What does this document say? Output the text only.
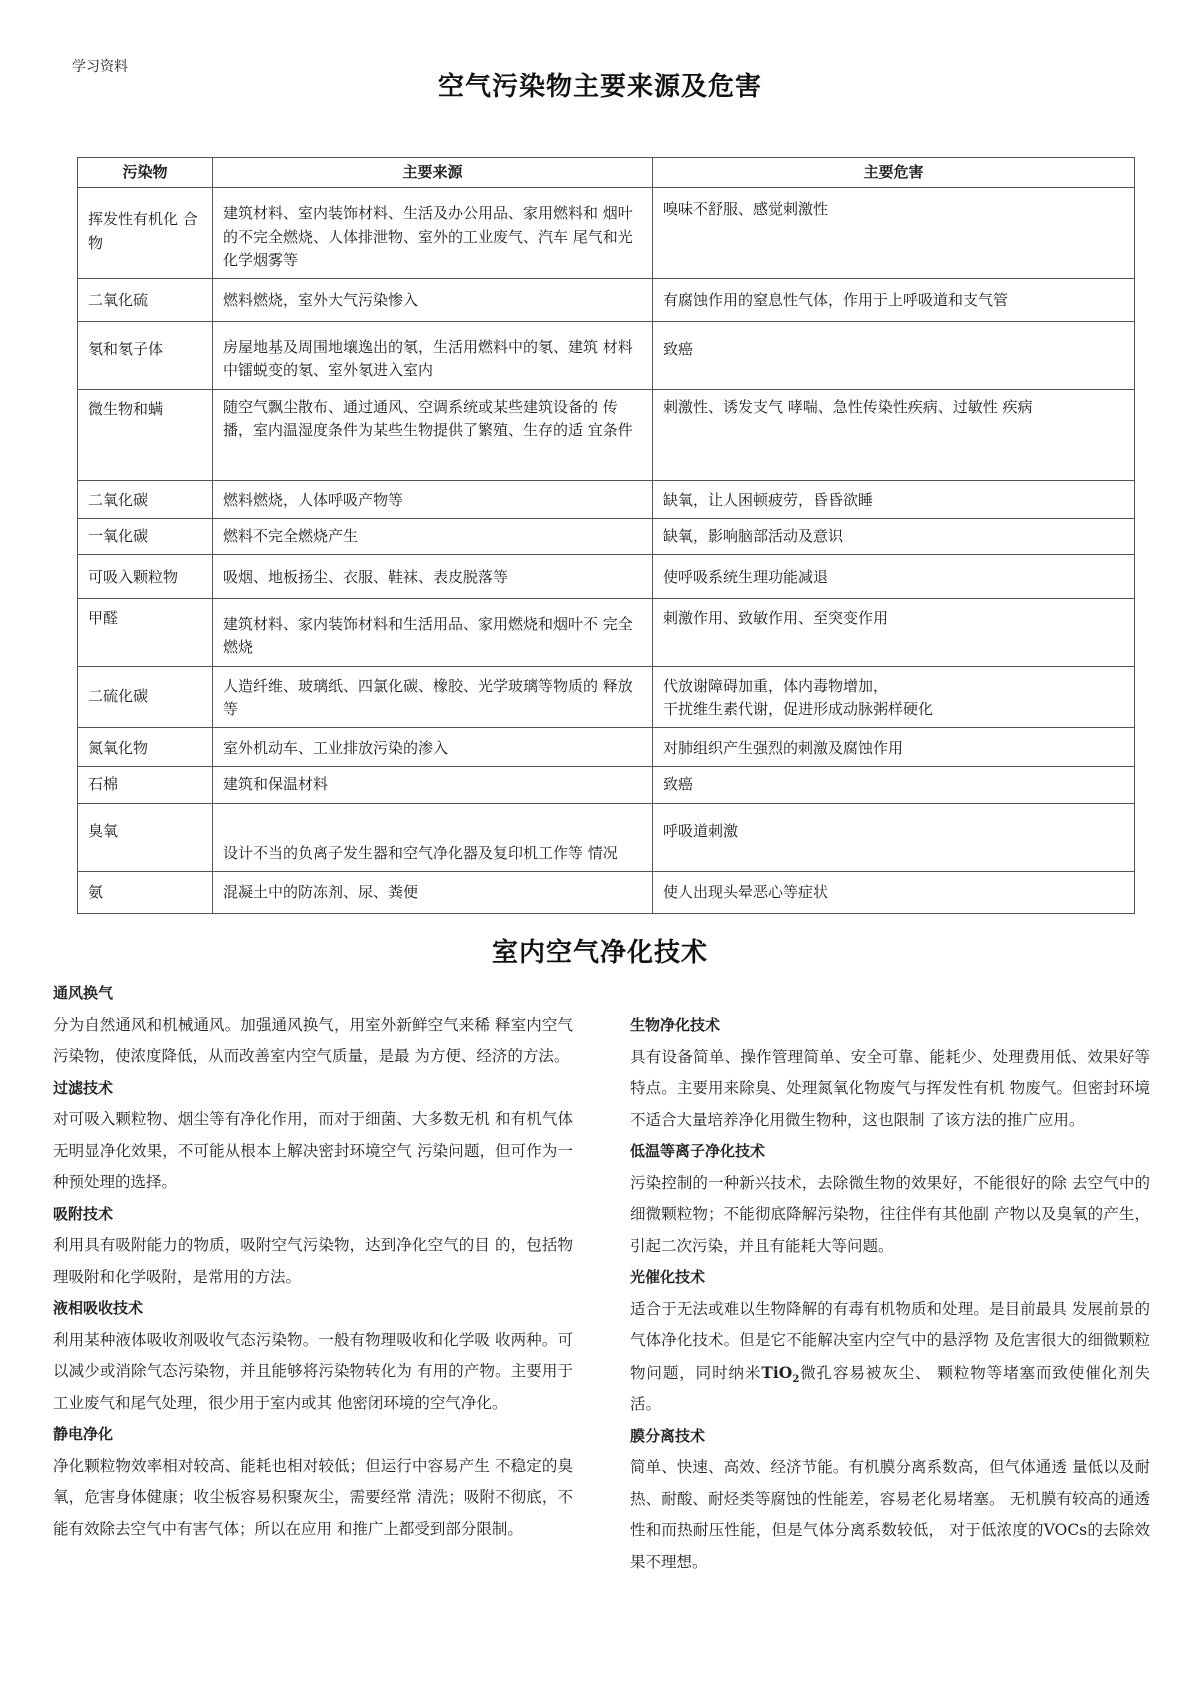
学习资料
空气污染物主要来源及危害
污染物	主要来源	主要危害
挥发性有机化 合物	建筑材料、室内装饰材料、生活及办公用品、家用燃料和 烟叶的不完全燃烧、人体排泄物、室外的工业废气、汽车 尾气和光化学烟雾等	嗅味不舒服、感觉刺激性
二氧化硫	燃料燃烧，室外大气污染惨入	有腐蚀作用的窒息性气体，作用于上呼吸道和支气管
氡和氡子体	房屋地基及周围地壤逸出的氡，生活用燃料中的氡、建筑 材料中镭蜕变的氡、室外氡进入室内	致癌
微生物和螨	随空气飘尘散布、通过通风、空调系统或某些建筑设备的 传播，室内温湿度条件为某些生物提供了繁殖、生存的适 宜条件	刺激性、诱发支气 哮喘、急性传染性疾病、过敏性 疾病
二氧化碳	燃料燃烧，人体呼吸产物等	缺氧，让人困顿疲劳，昏昏欲睡
一氧化碳	燃料不完全燃烧产生	缺氧，影响脑部活动及意识
可吸入颗粒物	吸烟、地板扬尘、衣服、鞋袜、表皮脱落等	使呼吸系统生理功能减退
甲醛	建筑材料、家内装饰材料和生活用品、家用燃烧和烟叶不 完全燃烧	刺激作用、致敏作用、至突变作用
二硫化碳	人造纤维、玻璃纸、四氯化碳、橡胶、光学玻璃等物质的 释放等	代放谢障碍加重，体内毒物增加，
干扰维生素代谢，促进形成动脉粥样硬化

氮氧化物	室外机动车、工业排放污染的渗入	对肺组织产生强烈的刺激及腐蚀作用
石棉	建筑和保温材料	致癌
臭氧	设计不当的负离子发生器和空气净化器及复印机工作等 情况	呼吸道刺激
氨	混凝土中的防冻剂、尿、粪便	使人出现头晕恶心等症状
室内空气净化技术
通风换气
分为自然通风和机械通风。加强通风换气，用室外新鲜空气来稀 释室内空气污染物，使浓度降低，从而改善室内空气质量，是最 为方便、经济的方法。
过滤技术
对可吸入颗粒物、烟尘等有净化作用，而对于细菌、大多数无机 和有机气体无明显净化效果，不可能从根本上解决密封环境空气 污染问题，但可作为一种预处理的选择。
吸附技术
利用具有吸附能力的物质，吸附空气污染物，达到净化空气的目 的，包括物理吸附和化学吸附，是常用的方法。
液相吸收技术
利用某种液体吸收剂吸收气态污染物。一般有物理吸收和化学吸 收两种。可以减少或消除气态污染物，并且能够将污染物转化为 有用的产物。主要用于工业废气和尾气处理，很少用于室内或其 他密闭环境的空气净化。
静电净化
净化颗粒物效率相对较高、能耗也相对较低；但运行中容易产生 不稳定的臭氧，危害身体健康；收尘板容易积聚灰尘，需要经常 清洗；吸附不彻底，不能有效除去空气中有害气体；所以在应用 和推广上都受到部分限制。
生物净化技术
具有设备简单、操作管理简单、安全可靠、能耗少、处理费用低、效果好等特点。主要用来除臭、处理氮氧化物废气与挥发性有机 物废气。但密封环境不适合大量培养净化用微生物种，这也限制 了该方法的推广应用。
低温等离子净化技术
污染控制的一种新兴技术，去除微生物的效果好，不能很好的除 去空气中的细微颗粒物；不能彻底降解污染物，往往伴有其他副 产物以及臭氧的产生，引起二次污染，并且有能耗大等问题。
光催化技术
适合于无法或难以生物降解的有毒有机物质和处理。是目前最具 发展前景的气体净化技术。但是它不能解决室内空气中的悬浮物 及危害很大的细微颗粒物问题，同时纳米TiO$_2$微孔容易被灰尘、 颗粒物等堵塞而致使催化剂失活。
膜分离技术
简单、快速、高效、经济节能。有机膜分离系数高，但气体通透 量低以及耐热、耐酸、耐烃类等腐蚀的性能差，容易老化易堵塞。 无机膜有较高的通透性和而热耐压性能，但是气体分离系数较低， 对于低浓度的VOCs的去除效果不理想。
